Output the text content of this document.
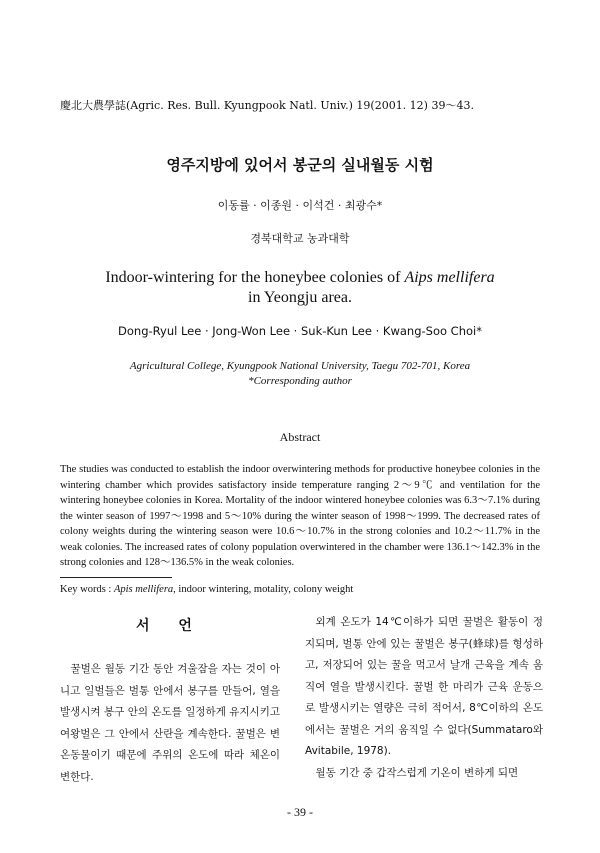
慶北大農學誌(Agric. Res. Bull. Kyungpook Natl. Univ.) 19(2001. 12) 39～43.
영주지방에 있어서 봉군의 실내월동 시험
이동률 · 이종원 · 이석건 · 최광수*
경북대학교 농과대학
Indoor-wintering for the honeybee colonies of Aips mellifera
in Yeongju area.
Dong-Ryul Lee · Jong-Won Lee · Suk-Kun Lee · Kwang-Soo Choi*
Agricultural College, Kyungpook National University, Taegu 702-701, Korea
*Corresponding author
Abstract
The studies was conducted to establish the indoor overwintering methods for productive honeybee colonies in the wintering chamber which provides satisfactory inside temperature ranging 2～9℃ and ventilation for the wintering honeybee colonies in Korea. Mortality of the indoor wintered honeybee colonies was 6.3～7.1% during the winter season of 1997～1998 and 5～10% during the winter season of 1998～1999. The decreased rates of colony weights during the wintering season were 10.6～10.7% in the strong colonies and 10.2～11.7% in the weak colonies. The increased rates of colony population overwintered in the chamber were 136.1～142.3% in the strong colonies and 128～136.5% in the weak colonies.
Key words : Apis mellifera, indoor wintering, motality, colony weight
서 언

꿀벌은 월동 기간 동안 겨울잠을 자는 것이 아니고 일벌들은 벌통 안에서 봉구를 만들어, 열을 발생시켜 봉구 안의 온도를 일정하게 유지시키고 여왕벌은 그 안에서 산란을 계속한다. 꿀벌은 변온동물이기 때문에 주위의 온도에 따라 체온이 변한다.

외계 온도가 14℃이하가 되면 꿀벌은 활동이 정지되며, 벌통 안에 있는 꿀벌은 봉구(蜂球)를 형성하고, 저장되어 있는 꿀을 먹고서 날개 근육을 계속 움직여 열을 발생시킨다. 꿀벌 한 마리가 근육 운동으로 발생시키는 열량은 극히 적어서, 8℃이하의 온도에서는 꿀벌은 거의 움직일 수 없다(Summataro와 Avitabile, 1978).

월동 기간 중 갑작스럽게 기온이 변하게 되면

- 39 -
